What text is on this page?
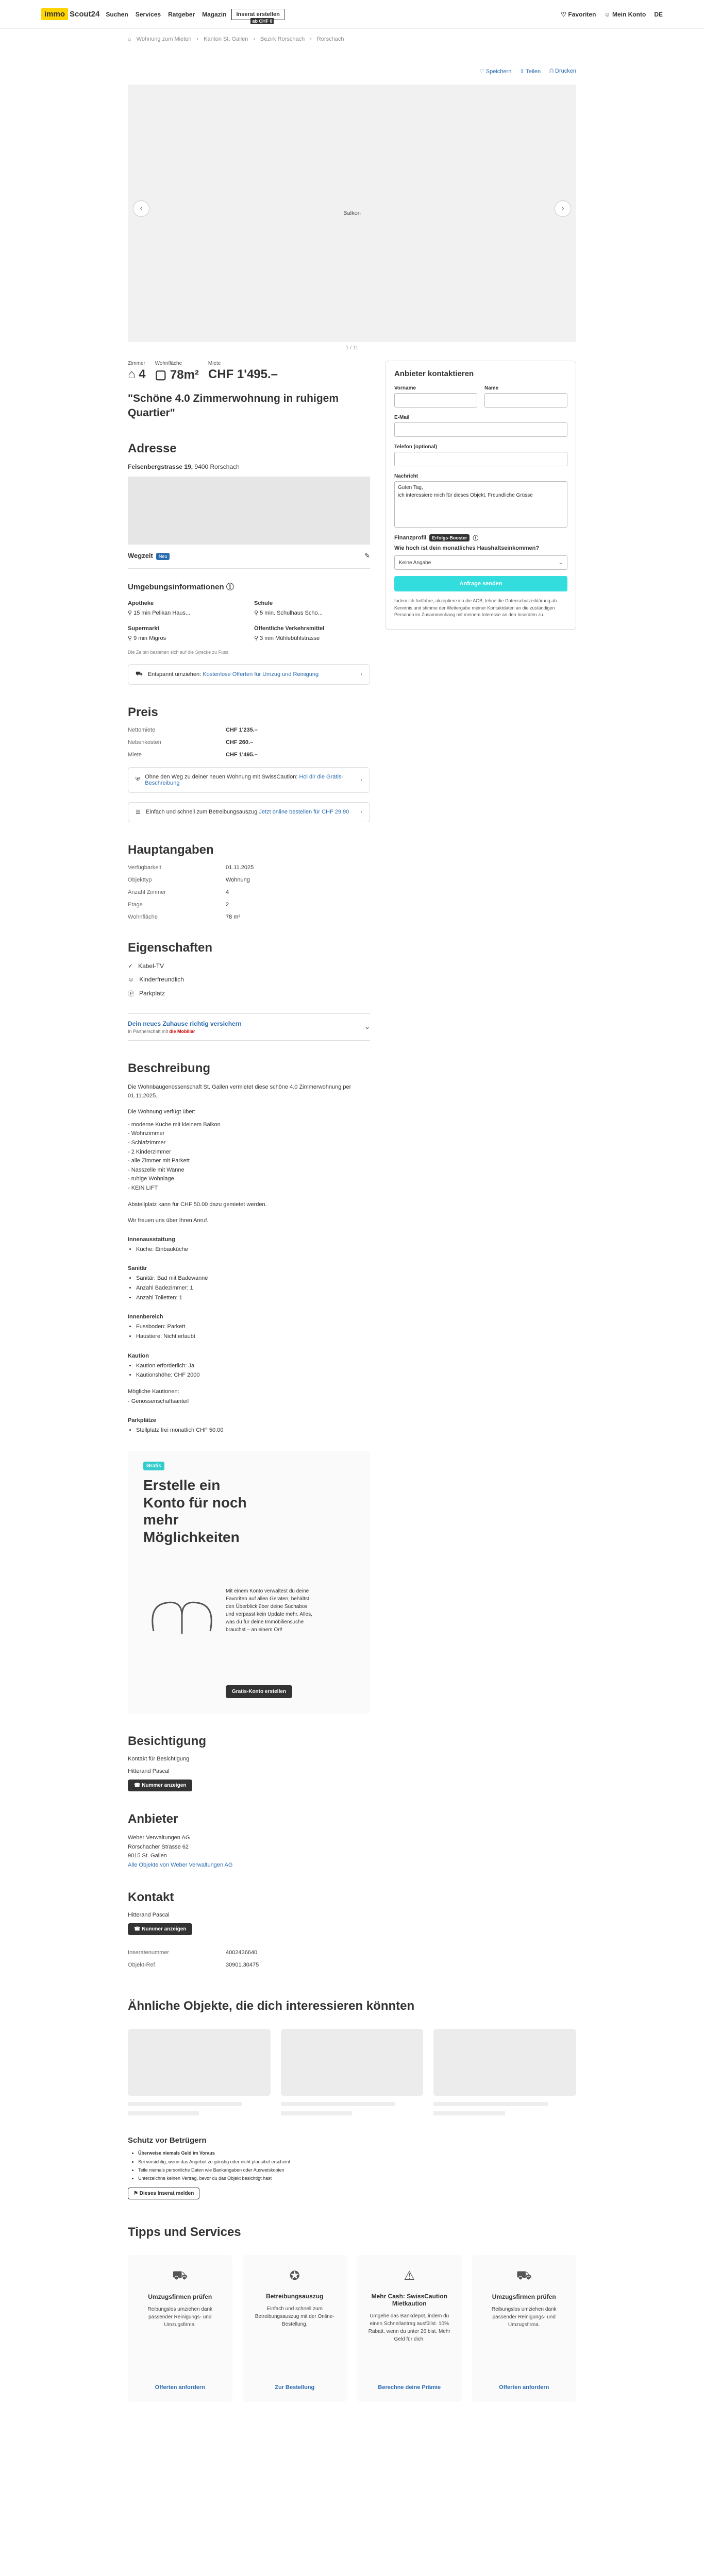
immo Scout24 Suchen Services Ratgeber Magazin	Inserat erstellen
ab CHF 0
♡ Favoriten ☺ Mein Konto DE
⌂ Wohnung zum Mieten › Kanton St. Gallen › Bezirk Rorschach › Rorschach
♡ Speichern ⇪ Teilen ⎙ Drucken
‹
Balkon
›
1 / 11
Zimmer
⌂ 4
Wohnfläche
▢ 78m²
Miete
CHF 1'495.–
"Schöne 4.0 Zimmerwohnung in ruhigem Quartier"
Adresse
Feisenbergstrasse 19, 9400 Rorschach
Wegzeit Neu	✎
Umgebungsinformationen ⓘ
Apotheke
⚲ 15 min Pelikan Haus...
Schule
⚲ 5 min. Schulhaus Scho...
Supermarkt
⚲ 9 min Migros
Öffentliche Verkehrsmittel
⚲ 3 min Mühlebühlstrasse
Die Zeiten beziehen sich auf die Strecke zu Fuss
⛟ Entspannt umziehen: Kostenlose Offerten für Umzug und Reinigung	›
Preis
Nettomiete	CHF 1'235.–
Nebenkosten	CHF 260.–
Miete	CHF 1'495.–
⛨ Ohne den Weg zu deiner neuen Wohnung mit SwissCaution: Hol dir die Gratis-Beschreibung	›
☰ Einfach und schnell zum Betreibungsauszug Jetzt online bestellen für CHF 29.90 ›
Hauptangaben
Verfügbarkeit	01.11.2025
Objekttyp	Wohnung
Anzahl Zimmer	4
Etage	2
Wohnfläche	78 m²
Eigenschaften
✓ Kabel-TV
☺ Kinderfreundlich
Ⓟ Parkplatz
Dein neues Zuhause richtig versichern
In Partnerschaft mit die Mobiliar
⌄
Beschreibung

Die Wohnbaugenossenschaft St. Gallen vermietet diese schöne 4.0 Zimmerwohnung per 01.11.2025.

Die Wohnung verfügt über:

- moderne Küche mit kleinem Balkon
- Wohnzimmer
- Schlafzimmer
- 2 Kinderzimmer
- alle Zimmer mit Parkett
- Nasszelle mit Wanne
- ruhige Wohnlage
- KEIN LIFT

Abstellplatz kann für CHF 50.00 dazu gemietet werden.

Wir freuen uns über Ihren Anruf.

Innenausstattung
• Küche: Einbauküche
Sanitär
• Sanitär: Bad mit Badewanne
• Anzahl Badezimmer: 1
• Anzahl Toiletten: 1
Innenbereich
• Fussboden: Parkett
• Haustiere: Nicht erlaubt
Kaution
• Kaution erforderlich: Ja
• Kautionshöhe: CHF 2000

Mögliche Kautionen:

- Genossenschaftsanteil

Parkplätze
• Stellplatz frei monatlich CHF 50.00
Gratis
Erstelle ein Konto für noch mehr Möglichkeiten

Mit einem Konto verwaltest du deine Favoriten auf allen Geräten, behältst den Überblick über deine Suchabos und verpasst kein Update mehr. Alles, was du für deine Immobiliensuche brauchst – an einem Ort!

Gratis-Konto erstellen
Besichtigung
Kontakt für Besichtigung
Hitterand Pascal
☎ Nummer anzeigen
Anbieter
Weber Verwaltungen AG
Rorschacher Strasse 62
9015 St. Gallen
Alle Objekte von Weber Verwaltungen AG
Kontakt
Hitterand Pascal
☎ Nummer anzeigen
Inseratenummer	4002436640
Objekt-Ref.	30901.30475
Anbieter kontaktieren
Vorname	Name
E-Mail
Telefon (optional)
Nachricht
Guten Tag,
ich interessiere mich für dieses Objekt. Freundliche Grüsse
Finanzprofil	Erfolgs-Booster	ⓘ
Wie hoch ist dein monatliches Haushaltseinkommen?
Keine Angabe	⌄
Anfrage senden
Indem ich fortfahre, akzeptiere ich die AGB, lehne die Datenschutzerklärung ab Kenntnis und stimme der Weitergabe meiner Kontaktdaten an die zuständigen Personen im Zusammenhang mit meinem Interesse an den Inseraten zu.
Ähnliche Objekte, die dich interessieren könnten
Schutz vor Betrügern
• Überweise niemals Geld im Voraus
• Sei vorsichtig, wenn das Angebot zu günstig oder nicht plausibel erscheint
• Teile niemals persönliche Daten wie Bankangaben oder Ausweiskopien
• Unterzeichne keinen Vertrag, bevor du das Objekt besichtigt hast
⚑ Dieses Inserat melden
Tipps und Services
⛟
Umzugsfirmen prüfen

Reibungslos umziehen dank passender Reinigungs- und Umzugsfirma.

Offerten anfordern
✪
Betreibungsauszug

Einfach und schnell zum Betreibungsauszug mit der Online-Bestellung.

Zur Bestellung
⚠
Mehr Cash: SwissCaution Mietkaution

Umgehe das Bankdepot, indem du einen Schnellantrag ausfüllst. 10% Rabatt, wenn du unter 26 bist. Mehr Geld für dich.

Berechne deine Prämie
⛟
Umzugsfirmen prüfen

Reibungslos umziehen dank passender Reinigungs- und Umzugsfirma.

Offerten anfordern
